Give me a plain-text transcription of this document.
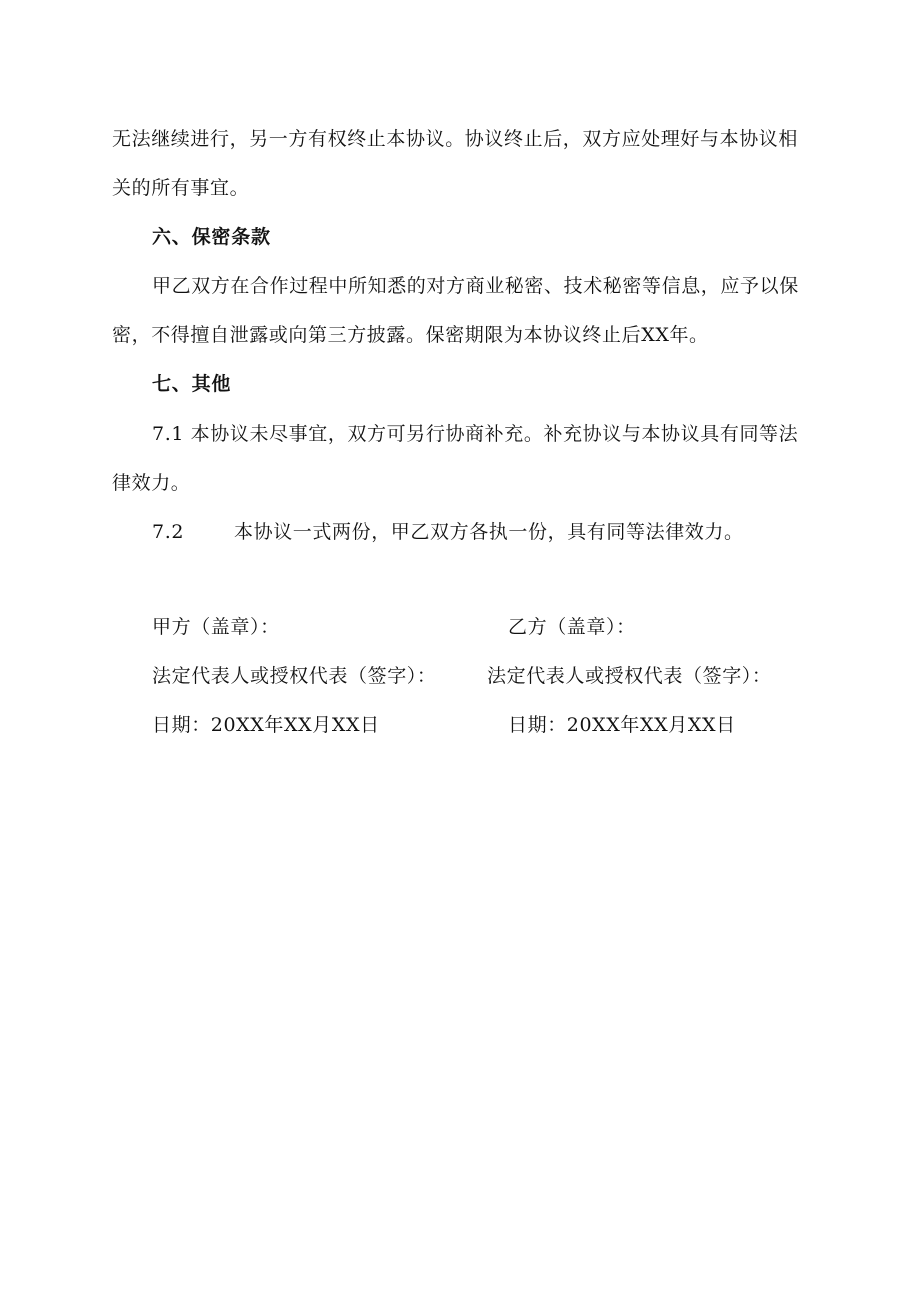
无法继续进行，另一方有权终止本协议。协议终止后，双方应处理好与本协议相
关的所有事宜。
六、保密条款
甲乙双方在合作过程中所知悉的对方商业秘密、技术秘密等信息，应予以保
密，不得擅自泄露或向第三方披露。保密期限为本协议终止后XX年。
七、其他
7.1 本协议未尽事宜，双方可另行协商补充。补充协议与本协议具有同等法
律效力。
7.2	本协议一式两份，甲乙双方各执一份，具有同等法律效力。
甲方（盖章）：	乙方（盖章）：
法定代表人或授权代表（签字）：	法定代表人或授权代表（签字）：
日期：20XX年XX月XX日	日期：20XX年XX月XX日
